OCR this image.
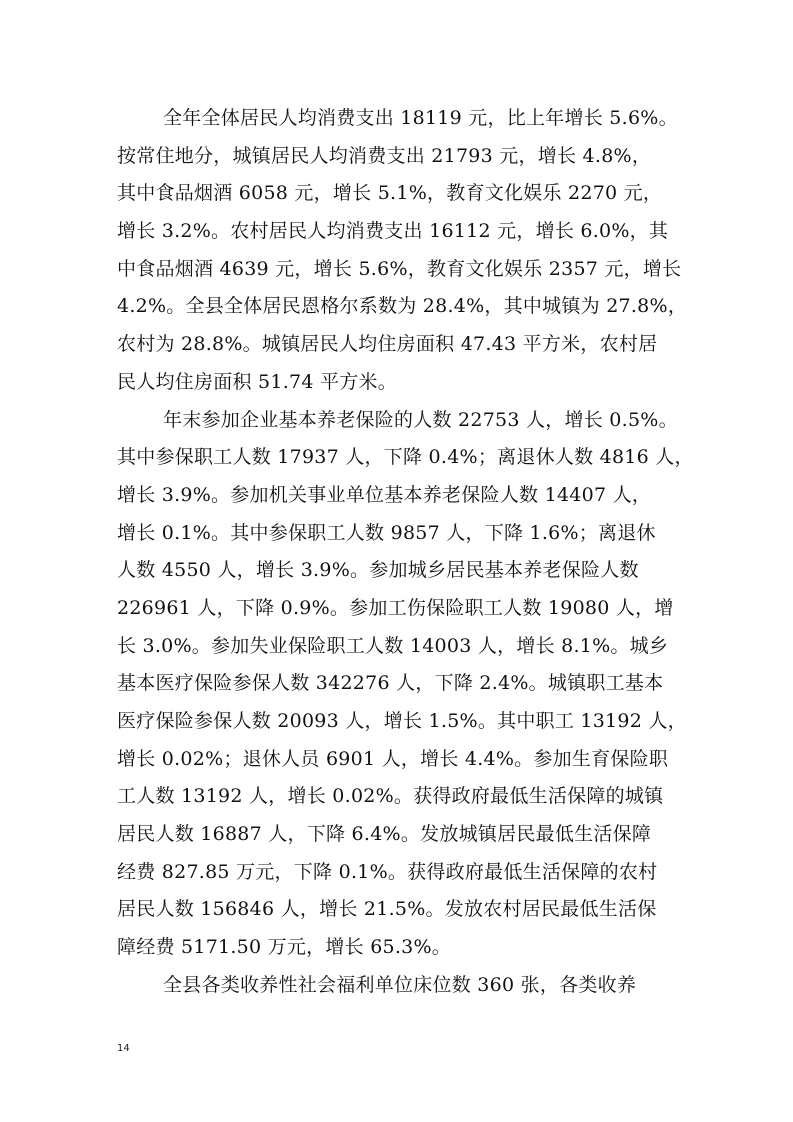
全年全体居民人均消费支出 18119 元，比上年增长 5.6%。
按常住地分，城镇居民人均消费支出 21793 元，增长 4.8%，
其中食品烟酒 6058 元，增长 5.1%，教育文化娱乐 2270 元，
增长 3.2%。农村居民人均消费支出 16112 元，增长 6.0%，其
中食品烟酒 4639 元，增长 5.6%，教育文化娱乐 2357 元，增长
4.2%。全县全体居民恩格尔系数为 28.4%，其中城镇为 27.8%，
农村为 28.8%。城镇居民人均住房面积 47.43 平方米，农村居
民人均住房面积 51.74 平方米。

年末参加企业基本养老保险的人数 22753 人，增长 0.5%。
其中参保职工人数 17937 人，下降 0.4%；离退休人数 4816 人，
增长 3.9%。参加机关事业单位基本养老保险人数 14407 人，
增长 0.1%。其中参保职工人数 9857 人，下降 1.6%；离退休
人数 4550 人，增长 3.9%。参加城乡居民基本养老保险人数
226961 人，下降 0.9%。参加工伤保险职工人数 19080 人，增
长 3.0%。参加失业保险职工人数 14003 人，增长 8.1%。城乡
基本医疗保险参保人数 342276 人，下降 2.4%。城镇职工基本
医疗保险参保人数 20093 人，增长 1.5%。其中职工 13192 人，
增长 0.02%；退休人员 6901 人，增长 4.4%。参加生育保险职
工人数 13192 人，增长 0.02%。获得政府最低生活保障的城镇
居民人数 16887 人，下降 6.4%。发放城镇居民最低生活保障
经费 827.85 万元，下降 0.1%。获得政府最低生活保障的农村
居民人数 156846 人，增长 21.5%。发放农村居民最低生活保
障经费 5171.50 万元，增长 65.3%。

全县各类收养性社会福利单位床位数 360 张，各类收养

14
